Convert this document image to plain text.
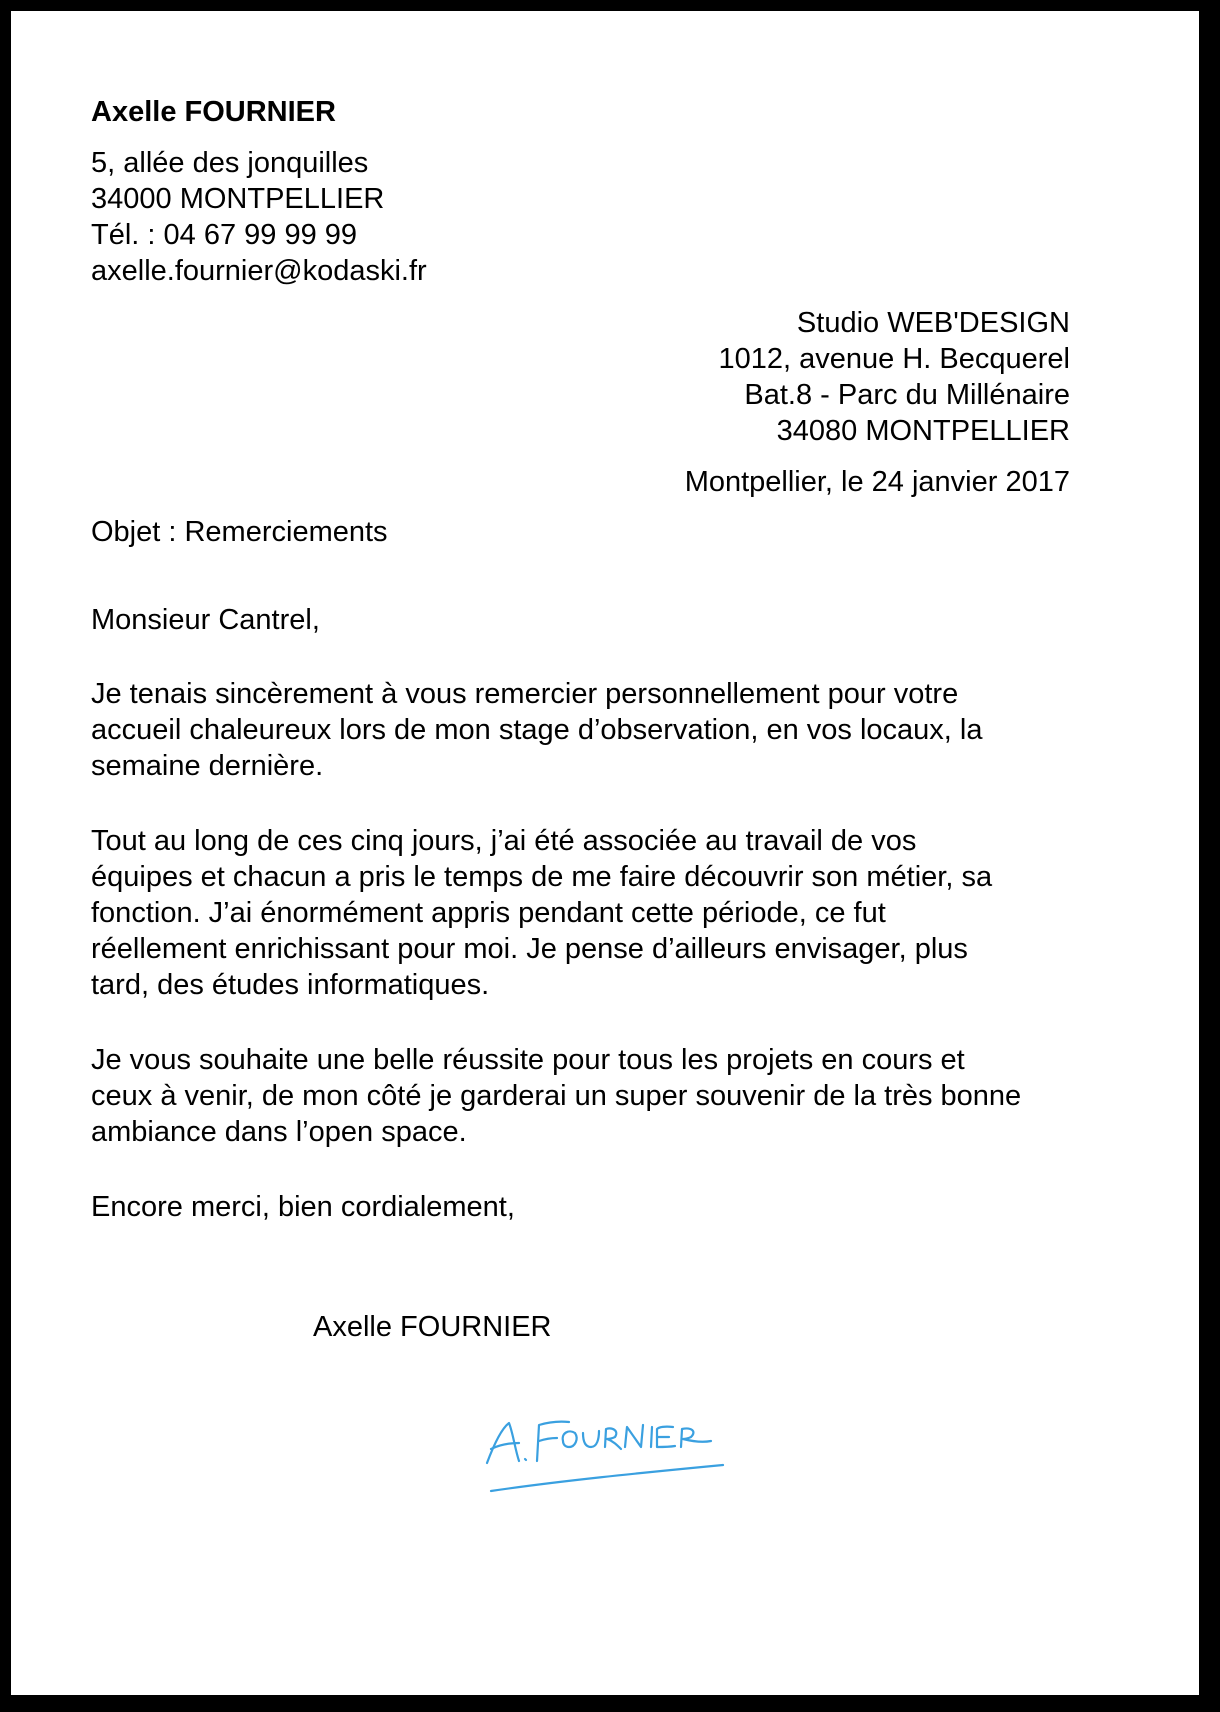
Axelle FOURNIER

5, allée des jonquilles

34000 MONTPELLIER

Tél. : 04 67 99 99 99

axelle.fournier@kodaski.fr

Studio WEB'DESIGN

1012, avenue H. Becquerel

Bat.8 - Parc du Millénaire

34080 MONTPELLIER

Montpellier, le 24 janvier 2017

Objet : Remerciements

Monsieur Cantrel,

Je tenais sincèrement à vous remercier personnellement pour votre

accueil chaleureux lors de mon stage d’observation, en vos locaux, la

semaine dernière.

Tout au long de ces cinq jours, j’ai été associée au travail de vos

équipes et chacun a pris le temps de me faire découvrir son métier, sa

fonction. J’ai énormément appris pendant cette période, ce fut

réellement enrichissant pour moi. Je pense d’ailleurs envisager, plus

tard, des études informatiques.

Je vous souhaite une belle réussite pour tous les projets en cours et

ceux à venir, de mon côté je garderai un super souvenir de la très bonne

ambiance dans l’open space.

Encore merci, bien cordialement,

Axelle FOURNIER

A. FOURNIER
